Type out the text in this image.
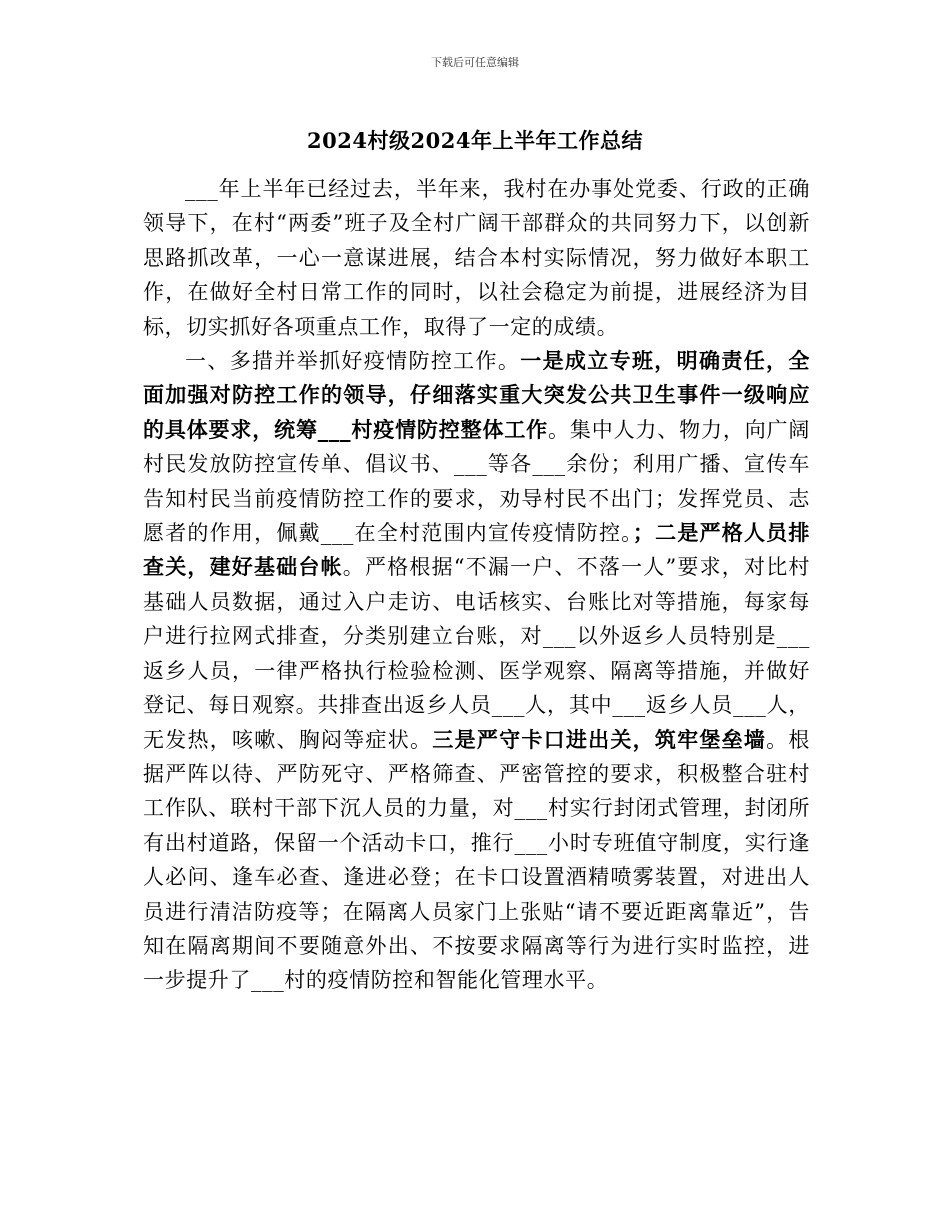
下载后可任意编辑
2024村级2024年上半年工作总结

___年上半年已经过去，半年来，我村在办事处党委、行政的正确领导下，在村“两委”班子及全村广阔干部群众的共同努力下，以创新思路抓改革，一心一意谋进展，结合本村实际情况，努力做好本职工作，在做好全村日常工作的同时，以社会稳定为前提，进展经济为目标，切实抓好各项重点工作，取得了一定的成绩。

一、多措并举抓好疫情防控工作。一是成立专班，明确责任，全面加强对防控工作的领导，仔细落实重大突发公共卫生事件一级响应的具体要求，统筹___村疫情防控整体工作。集中人力、物力，向广阔村民发放防控宣传单、倡议书、___等各___余份；利用广播、宣传车告知村民当前疫情防控工作的要求，劝导村民不出门；发挥党员、志愿者的作用，佩戴___在全村范围内宣传疫情防控。；二是严格人员排查关，建好基础台帐。严格根据“不漏一户、不落一人”要求，对比村基础人员数据，通过入户走访、电话核实、台账比对等措施，每家每户进行拉网式排查，分类别建立台账，对___以外返乡人员特别是___返乡人员，一律严格执行检验检测、医学观察、隔离等措施，并做好登记、每日观察。共排查出返乡人员___人，其中___返乡人员___人，无发热，咳嗽、胸闷等症状。三是严守卡口进出关，筑牢堡垒墙。根据严阵以待、严防死守、严格筛查、严密管控的要求，积极整合驻村工作队、联村干部下沉人员的力量，对___村实行封闭式管理，封闭所有出村道路，保留一个活动卡口，推行___小时专班值守制度，实行逢人必问、逢车必查、逢进必登；在卡口设置酒精喷雾装置，对进出人员进行清洁防疫等；在隔离人员家门上张贴“请不要近距离靠近”，告知在隔离期间不要随意外出、不按要求隔离等行为进行实时监控，进一步提升了___村的疫情防控和智能化管理水平。
